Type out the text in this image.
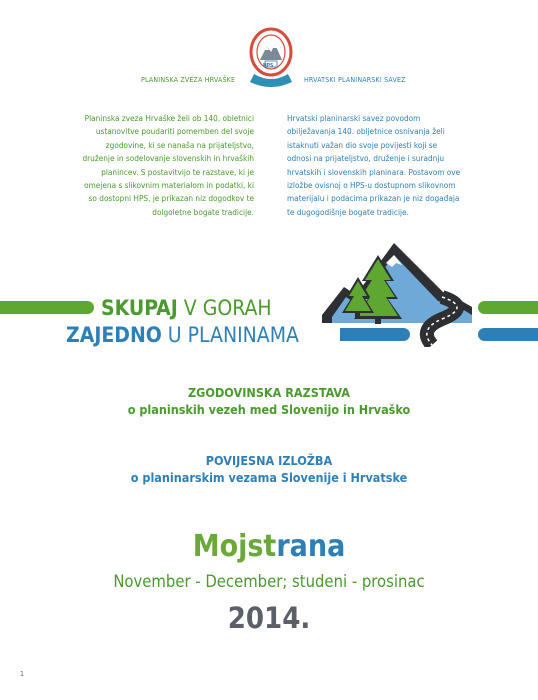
HPS
PLANINSKA ZVEZA HRVAŠKE	HRVATSKI PLANINARSKI SAVEZ
Planinska zveza Hrvaške želi ob 140. obletnici
ustanovitve poudariti pomemben del svoje
zgodovine, ki se nanaša na prijateljstvo,
druženje in sodelovanje slovenskih in hrvaških
planincev. S postavitvijo te razstave, ki je
omejena s slikovnim materialom in podatki, ki
so dostopni HPS, je prikazan niz dogodkov te
dolgoletne bogate tradicije.
Hrvatski planinarski savez povodom
obilježavanja 140. obljetnice osnivanja želi
istaknuti važan dio svoje povijesti koji se
odnosi na prijateljstvo, druženje i suradnju
hrvatskih i slovenskih planinara. Postavom ove
izložbe ovisnoj o HPS-u dostupnom slikovnom
materijalu i podacima prikazan je niz događaja
te dugogodišnje bogate tradicije.
SKUPAJ V GORAH
ZAJEDNO U PLANINAMA
ZGODOVINSKA RAZSTAVA
o planinskih vezeh med Slovenijo in Hrvaško
POVIJESNA IZLOŽBA
o planinarskim vezama Slovenije i Hrvatske
Mojstrana
November - December; studeni - prosinac
2014.
1
